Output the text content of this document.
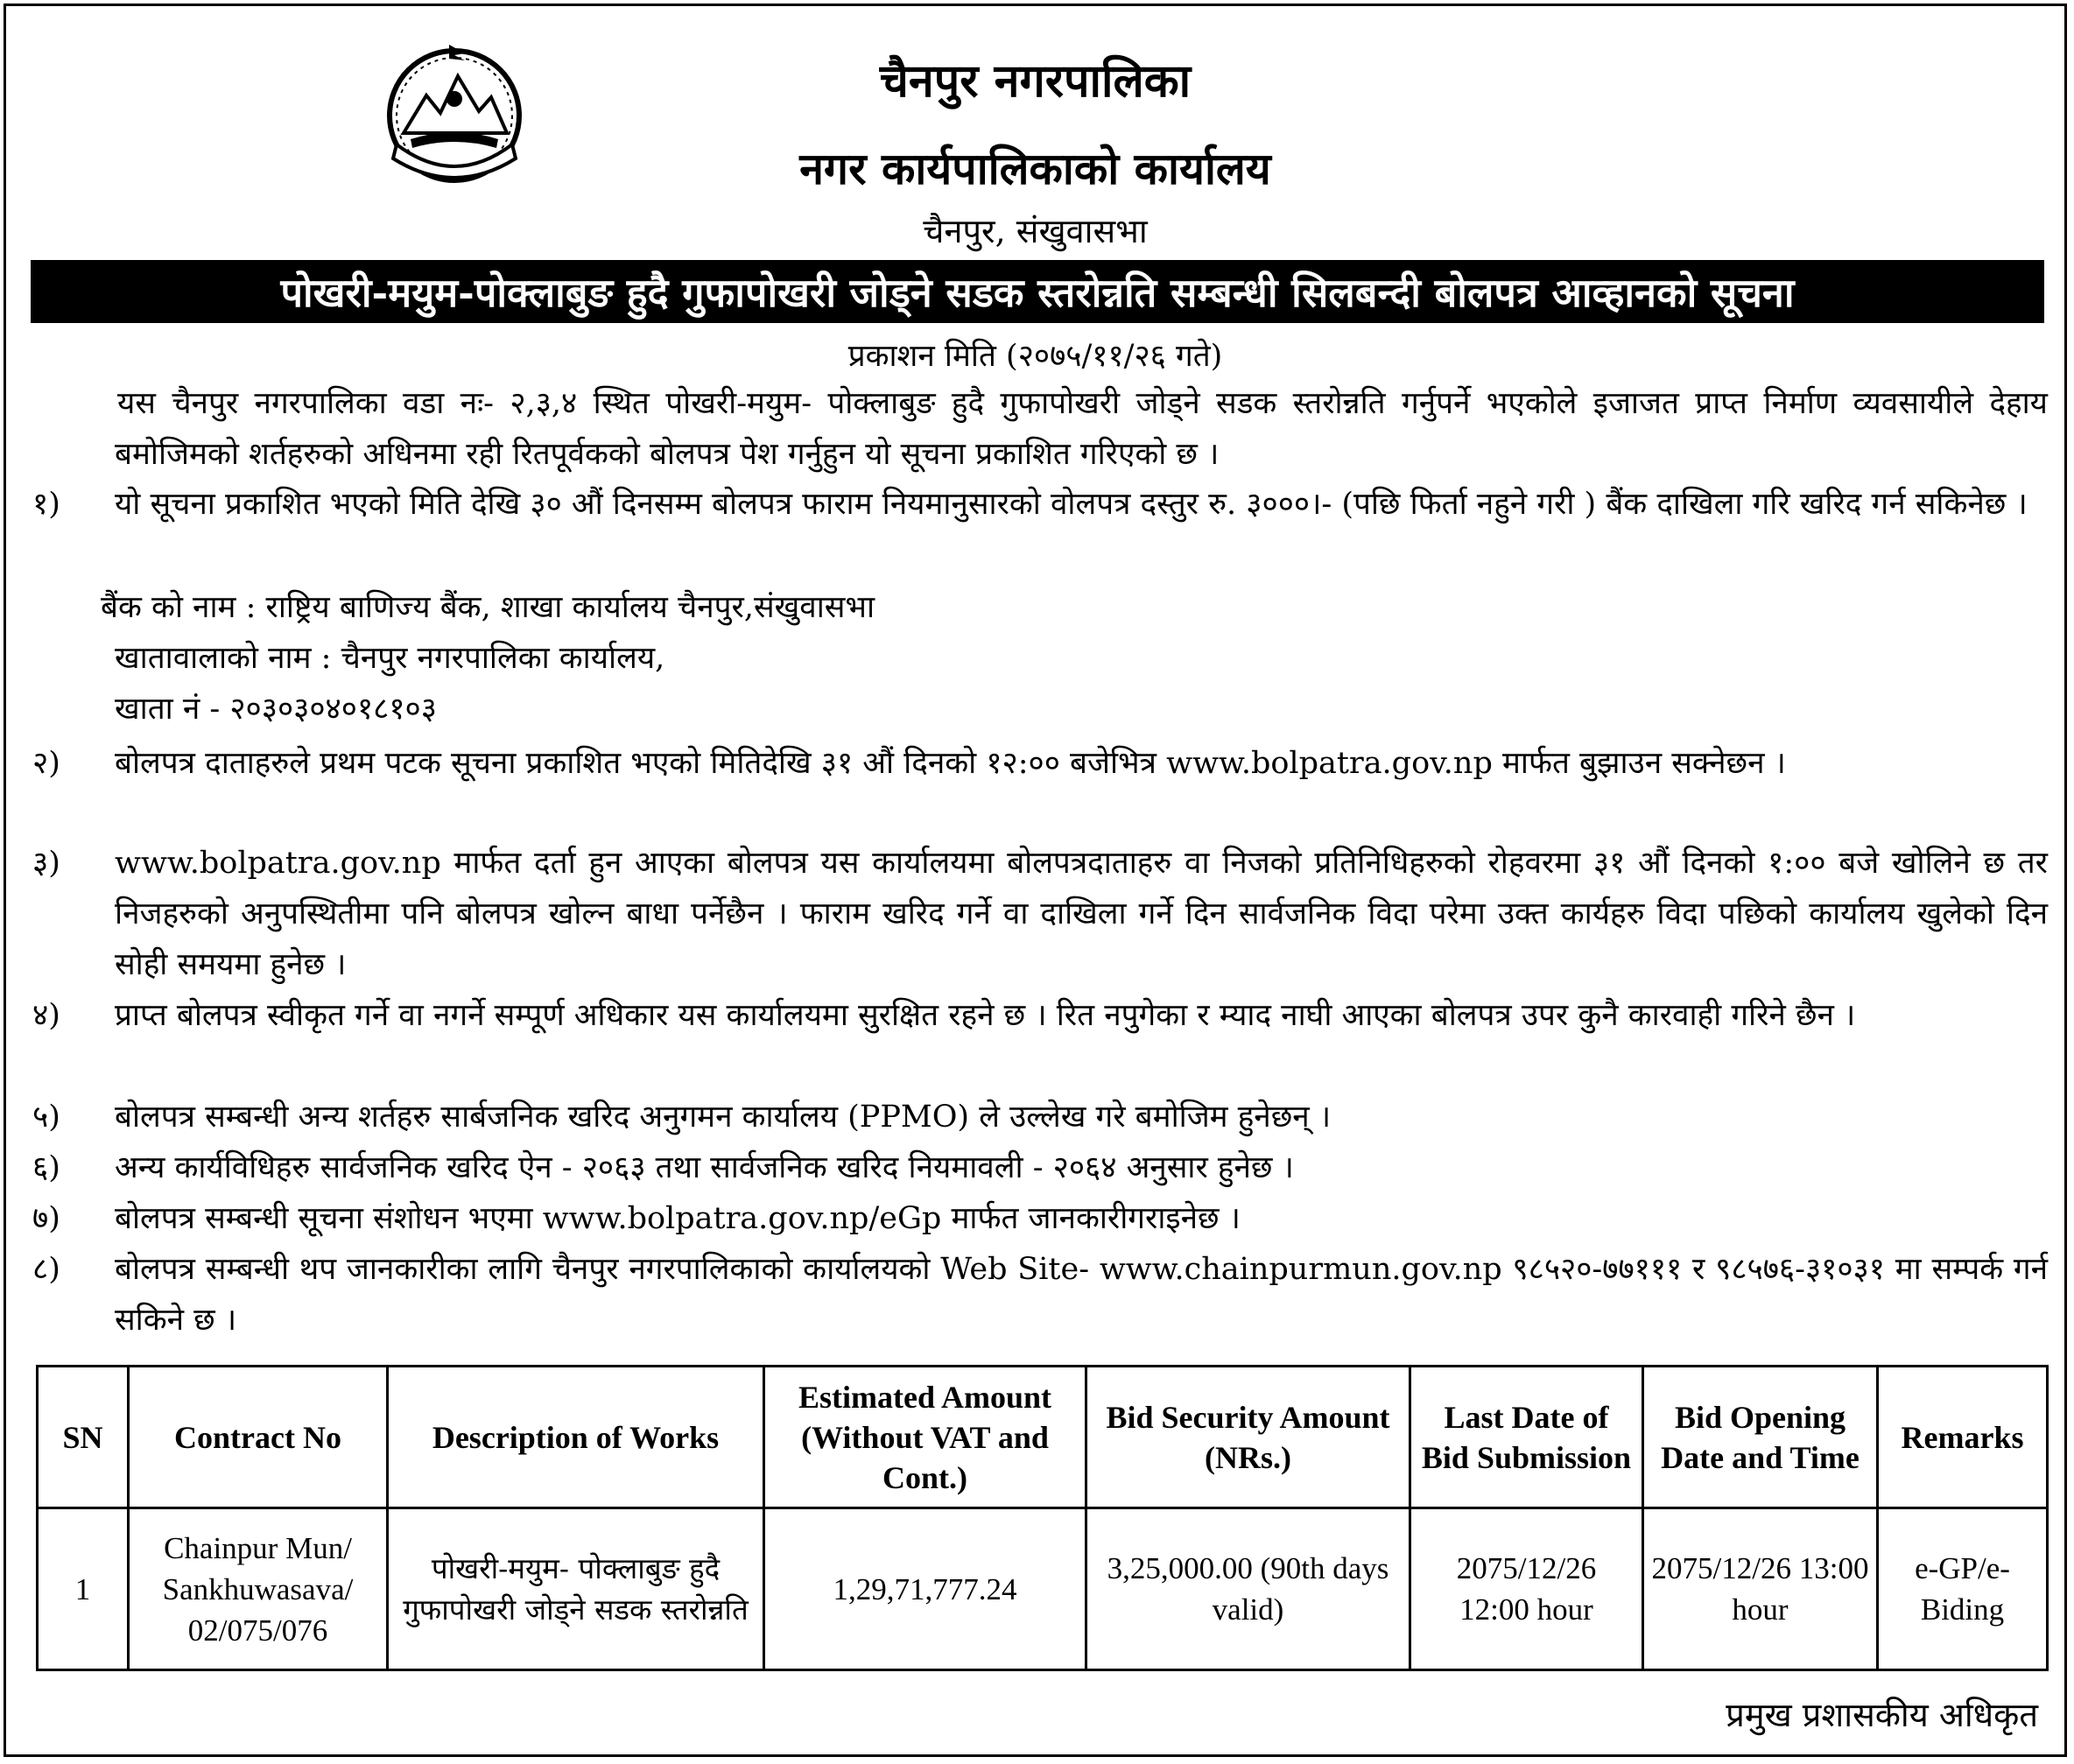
चैनपुर नगरपालिका
नगर कार्यपालिकाको कार्यालय
चैनपुर, संखुवासभा
पोखरी-मयुम-पोक्लाबुङ हुदै गुफापोखरी जोड्ने सडक स्तरोन्नति सम्बन्धी सिलबन्दी बोलपत्र आव्हानको सूचना
प्रकाशन मिति (२०७५/११/२६ गते)
यस चैनपुर नगरपालिका वडा नः- २,३,४ स्थित पोखरी-मयुम- पोक्लाबुङ हुदै गुफापोखरी जोड्ने सडक स्तरोन्नति गर्नुपर्ने भएकोले इजाजत प्राप्त निर्माण व्यवसायीले देहाय बमोजिमको शर्तहरुको अधिनमा रही रितपूर्वकको बोलपत्र पेश गर्नुहुन यो सूचना प्रकाशित गरिएको छ ।
१)	यो सूचना प्रकाशित भएको मिति देखि ३० औं दिनसम्म बोलपत्र फाराम नियमानुसारको वोलपत्र दस्तुर रु. ३०००।- (पछि फिर्ता नहुने गरी ) बैंक दाखिला गरि खरिद गर्न सकिनेछ ।
बैंक को नाम : राष्ट्रिय बाणिज्य बैंक, शाखा कार्यालय चैनपुर,संखुवासभा
खातावालाको नाम : चैनपुर नगरपालिका कार्यालय,
खाता नं - २०३०३०४०१८१०३
२)	बोलपत्र दाताहरुले प्रथम पटक सूचना प्रकाशित भएको मितिदेखि ३१ औं दिनको १२:०० बजेभित्र www.bolpatra.gov.np मार्फत बुझाउन सक्नेछन ।
३)	www.bolpatra.gov.np मार्फत दर्ता हुन आएका बोलपत्र यस कार्यालयमा बोलपत्रदाताहरु वा निजको प्रतिनिधिहरुको रोहवरमा ३१ औं दिनको १:०० बजे खोलिने छ तर निजहरुको अनुपस्थितीमा पनि बोलपत्र खोल्न बाधा पर्नेछैन । फाराम खरिद गर्ने वा दाखिला गर्ने दिन सार्वजनिक विदा परेमा उक्त कार्यहरु विदा पछिको कार्यालय खुलेको दिन सोही समयमा हुनेछ ।
४)	प्राप्त बोलपत्र स्वीकृत गर्ने वा नगर्ने सम्पूर्ण अधिकार यस कार्यालयमा सुरक्षित रहने छ । रित नपुगेका र म्याद नाघी आएका बोलपत्र उपर कुनै कारवाही गरिने छैन ।
५)	बोलपत्र सम्बन्धी अन्य शर्तहरु सार्बजनिक खरिद अनुगमन कार्यालय (PPMO) ले उल्लेख गरे बमोजिम हुनेछन् ।
६)	अन्य कार्यविधिहरु सार्वजनिक खरिद ऐन - २०६३ तथा सार्वजनिक खरिद नियमावली - २०६४ अनुसार हुनेछ ।
७)	बोलपत्र सम्बन्धी सूचना संशोधन भएमा www.bolpatra.gov.np/eGp मार्फत जानकारीगराइनेछ ।
८)	बोलपत्र सम्बन्धी थप जानकारीका लागि चैनपुर नगरपालिकाको कार्यालयको Web Site- www.chainpurmun.gov.np ९८५२०-७७१११ र ९८५७६-३१०३१ मा सम्पर्क गर्न सकिने छ ।
SN	Contract No	Description of Works	Estimated Amount (Without VAT and Cont.)	Bid Security Amount (NRs.)	Last Date of Bid Submission	Bid Opening Date and Time	Remarks
1	Chainpur Mun/ Sankhuwasava/ 02/075/076	पोखरी-मयुम- पोक्लाबुङ हुदै गुफापोखरी जोड्ने सडक स्तरोन्नति	1,29,71,777.24	3,25,000.00 (90th days valid)	2075/12/26 12:00 hour	2075/12/26 13:00 hour	e-GP/e-Biding
प्रमुख प्रशासकीय अधिकृत
